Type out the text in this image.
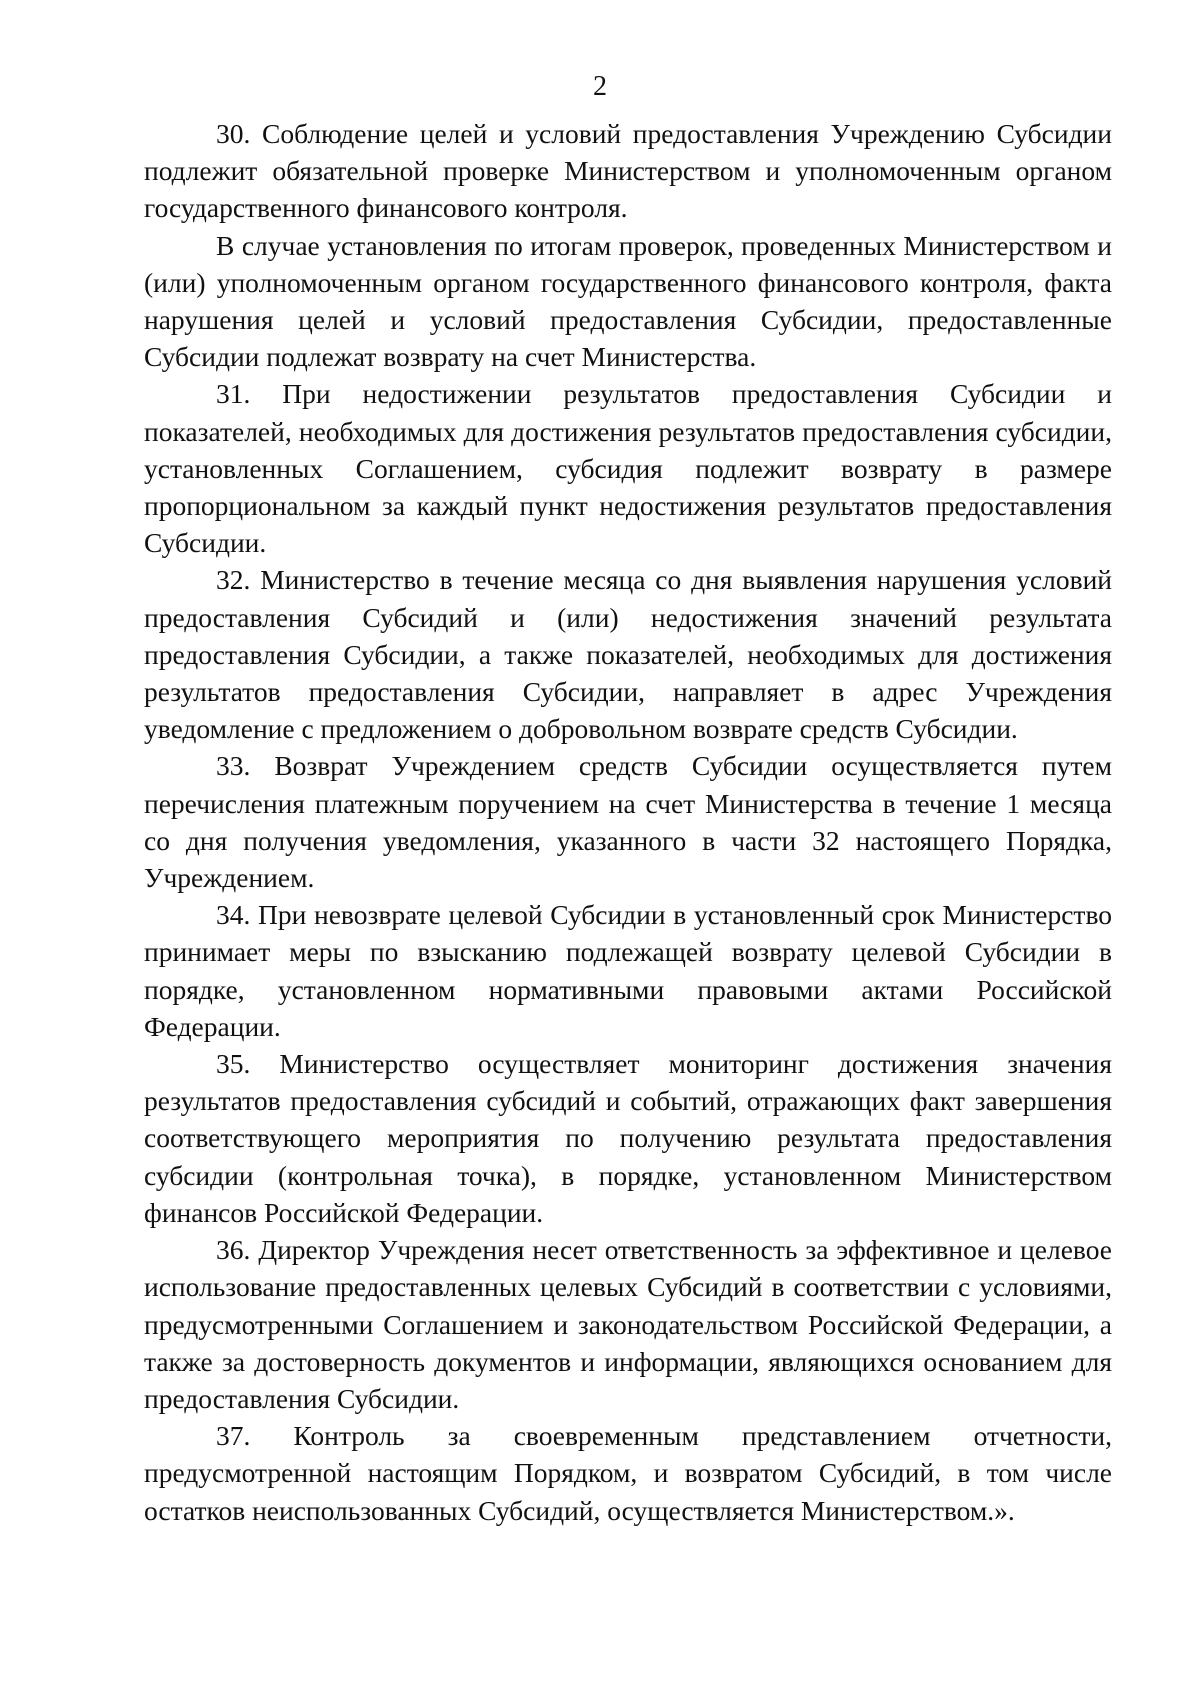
2

30. Соблюдение целей и условий предоставления Учреждению Субсидии подлежит обязательной проверке Министерством и уполномоченным органом государственного финансового контроля.

В случае установления по итогам проверок, проведенных Министерством и (или) уполномоченным органом государственного финансового контроля, факта нарушения целей и условий предоставления Субсидии, предоставленные Субсидии подлежат возврату на счет Министерства.

31. При недостижении результатов предоставления Субсидии и показателей, необходимых для достижения результатов предоставления субсидии, установленных Соглашением, субсидия подлежит возврату в размере пропорциональном за каждый пункт недостижения результатов предоставления Субсидии.

32. Министерство в течение месяца со дня выявления нарушения условий предоставления Субсидий и (или) недостижения значений результата предоставления Субсидии, а также показателей, необходимых для достижения результатов предоставления Субсидии, направляет в адрес Учреждения уведомление с предложением о добровольном возврате средств Субсидии.

33. Возврат Учреждением средств Субсидии осуществляется путем перечисления платежным поручением на счет Министерства в течение 1 месяца со дня получения уведомления, указанного в части 32 настоящего Порядка, Учреждением.

34. При невозврате целевой Субсидии в установленный срок Министерство принимает меры по взысканию подлежащей возврату целевой Субсидии в порядке, установленном нормативными правовыми актами Российской Федерации.

35. Министерство осуществляет мониторинг достижения значения результатов предоставления субсидий и событий, отражающих факт завершения соответствующего мероприятия по получению результата предоставления субсидии (контрольная точка), в порядке, установленном Министерством финансов Российской Федерации.

36. Директор Учреждения несет ответственность за эффективное и целевое использование предоставленных целевых Субсидий в соответствии с условиями, предусмотренными Соглашением и законодательством Российской Федерации, а также за достоверность документов и информации, являющихся основанием для предоставления Субсидии.

37. Контроль за своевременным представлением отчетности, предусмотренной настоящим Порядком, и возвратом Субсидий, в том числе остатков неиспользованных Субсидий, осуществляется Министерством.».
